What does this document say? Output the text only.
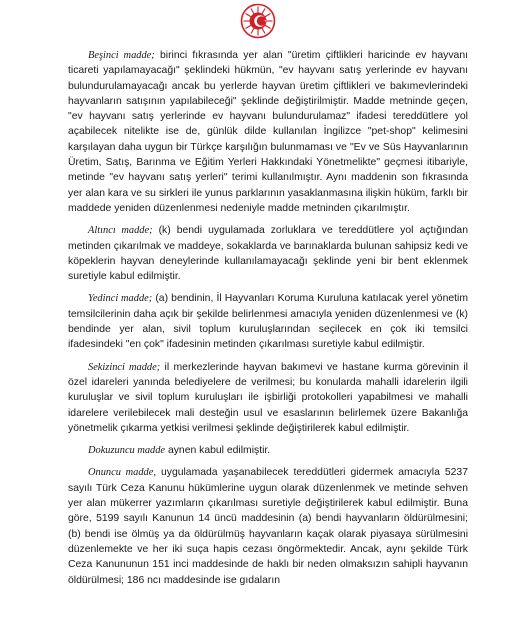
Beşinci madde; birinci fıkrasında yer alan "üretim çiftlikleri haricinde ev hayvanı ticareti yapılamayacağı" şeklindeki hükmün, "ev hayvanı satış yerlerinde ev hayvanı bulundurulamayacağı ancak bu yerlerde hayvan üretim çiftlikleri ve bakımevlerindeki hayvanların satışının yapılabileceği" şeklinde değiştirilmiştir. Madde metninde geçen, "ev hayvanı satış yerlerinde ev hayvanı bulundurulamaz" ifadesi tereddütlere yol açabilecek nitelikte ise de, günlük dilde kullanılan İngilizce "pet-shop" kelimesini karşılayan daha uygun bir Türkçe karşılığın bulunmaması ve "Ev ve Süs Hayvanlarının Üretim, Satış, Barınma ve Eğitim Yerleri Hakkındaki Yönetmelikte" geçmesi itibariyle, metinde "ev hayvanı satış yerleri" terimi kullanılmıştır. Aynı maddenin son fıkrasında yer alan kara ve su sirkleri ile yunus parklarının yasaklanmasına ilişkin hüküm, farklı bir maddede yeniden düzenlenmesi nedeniyle madde metninden çıkarılmıştır.

Altıncı madde; (k) bendi uygulamada zorluklara ve tereddütlere yol açtığından metinden çıkarılmak ve maddeye, sokaklarda ve barınaklarda bulunan sahipsiz kedi ve köpeklerin hayvan deneylerinde kullanılamayacağı şeklinde yeni bir bent eklenmek suretiyle kabul edilmiştir.

Yedinci madde; (a) bendinin, İl Hayvanları Koruma Kuruluna katılacak yerel yönetim temsilcilerinin daha açık bir şekilde belirlenmesi amacıyla yeniden düzenlenmesi ve (k) bendinde yer alan, sivil toplum kuruluşlarından seçilecek en çok iki temsilci ifadesindeki "en çok" ifadesinin metinden çıkarılması suretiyle kabul edilmiştir.

Sekizinci madde; il merkezlerinde hayvan bakımevi ve hastane kurma görevinin il özel idareleri yanında belediyelere de verilmesi; bu konularda mahalli idarelerin ilgili kuruluşlar ve sivil toplum kuruluşları ile işbirliği protokolleri yapabilmesi ve mahalli idarelere verilebilecek mali desteğin usul ve esaslarının belirlemek üzere Bakanlığa yönetmelik çıkarma yetkisi verilmesi şeklinde değiştirilerek kabul edilmiştir.

Dokuzuncu madde aynen kabul edilmiştir.

Onuncu madde, uygulamada yaşanabilecek tereddütleri gidermek amacıyla 5237 sayılı Türk Ceza Kanunu hükümlerine uygun olarak düzenlenmek ve metinde sehven yer alan mükerrer yazımların çıkarılması suretiyle değiştirilerek kabul edilmiştir. Buna göre, 5199 sayılı Kanunun 14 üncü maddesinin (a) bendi hayvanların öldürülmesini; (b) bendi ise ölmüş ya da öldürülmüş hayvanların kaçak olarak piyasaya sürülmesini düzenlemekte ve her iki suça hapis cezası öngörmektedir. Ancak, aynı şekilde Türk Ceza Kanununun 151 inci maddesinde de haklı bir neden olmaksızın sahipli hayvanın öldürülmesi; 186 ncı maddesinde ise gıdaların
